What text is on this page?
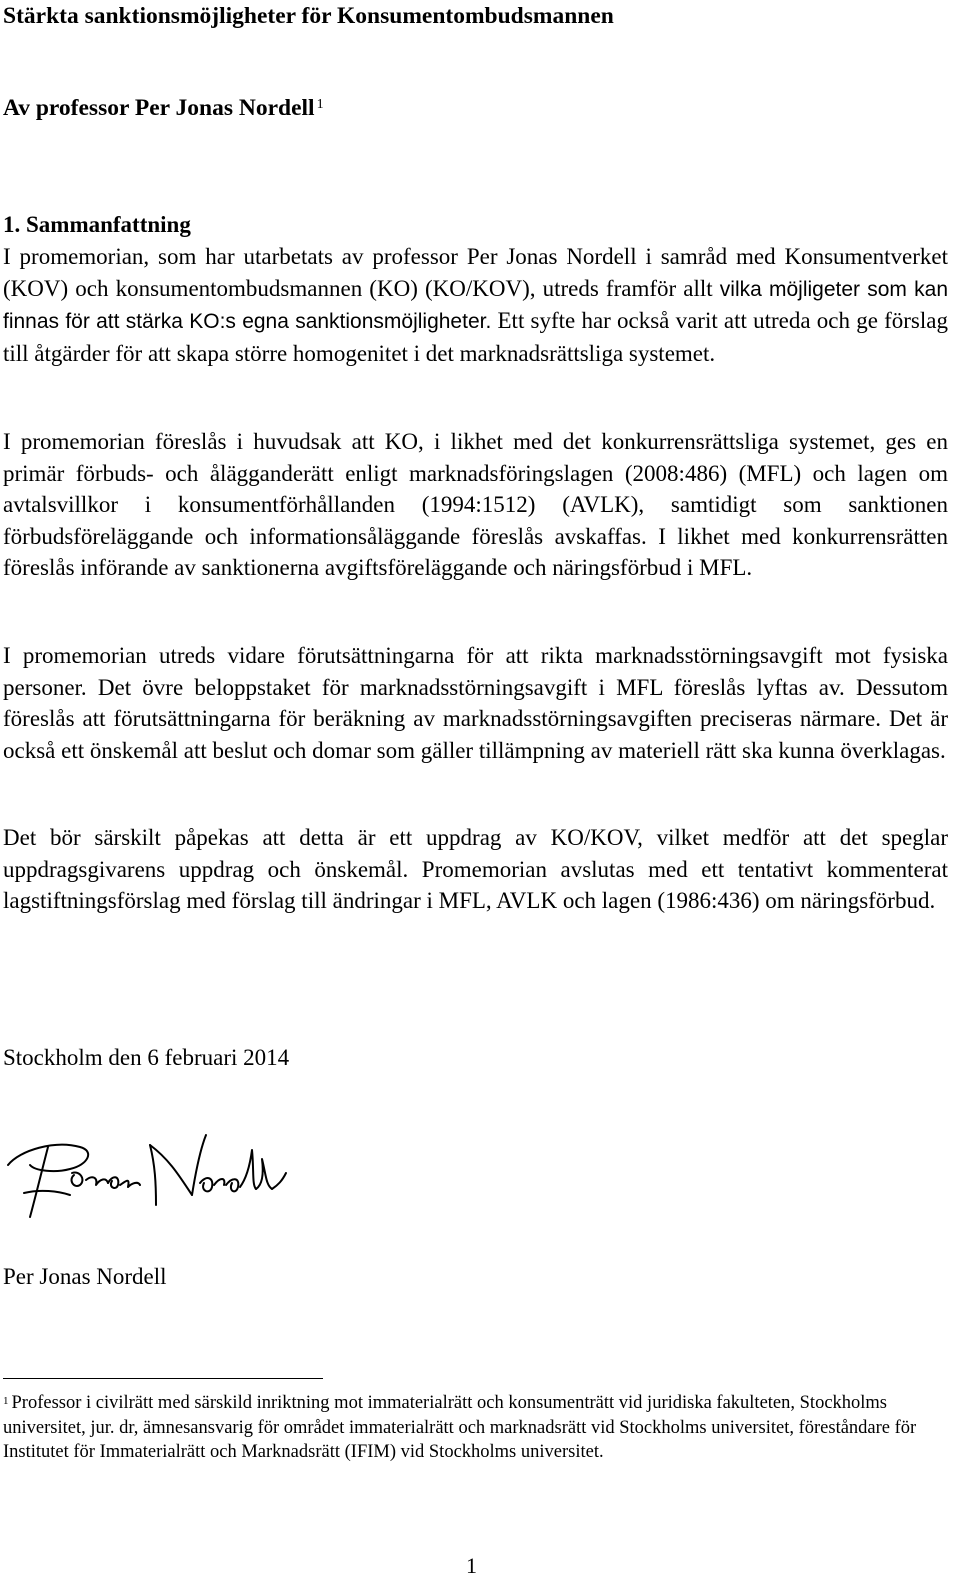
Stärkta sanktionsmöjligheter för Konsumentombudsmannen
Av professor Per Jonas Nordell $^1$
1. Sammanfattning

I promemorian, som har utarbetats av professor Per Jonas Nordell i samråd med Konsumentverket (KOV) och konsumentombudsmannen (KO) (KO/KOV), utreds framför allt vilka möjligeter som kan finnas för att stärka KO:s egna sanktionsmöjligheter. Ett syfte har också varit att utreda och ge förslag till åtgärder för att skapa större homogenitet i det marknadsrättsliga systemet.

I promemorian föreslås i huvudsak att KO, i likhet med det konkurrensrättsliga systemet, ges en primär förbuds- och ålägganderätt enligt marknadsföringslagen (2008:486) (MFL) och lagen om avtalsvillkor i konsumentförhållanden (1994:1512) (AVLK), samtidigt som sanktionen förbudsföreläggande och informationsåläggande föreslås avskaffas. I likhet med konkurrensrätten föreslås införande av sanktionerna avgiftsföreläggande och näringsförbud i MFL.

I promemorian utreds vidare förutsättningarna för att rikta marknadsstörningsavgift mot fysiska personer. Det övre beloppstaket för marknadsstörningsavgift i MFL föreslås lyftas av. Dessutom föreslås att förutsättningarna för beräkning av marknadsstörningsavgiften preciseras närmare. Det är också ett önskemål att beslut och domar som gäller tillämpning av materiell rätt ska kunna överklagas.

Det bör särskilt påpekas att detta är ett uppdrag av KO/KOV, vilket medför att det speglar uppdragsgivarens uppdrag och önskemål. Promemorian avslutas med ett tentativt kommenterat lagstiftningsförslag med förslag till ändringar i MFL, AVLK och lagen (1986:436) om näringsförbud.

Stockholm den 6 februari 2014
Per Jonas Nordell

$^1$ Professor i civilrätt med särskild inriktning mot immaterialrätt och konsumenträtt vid juridiska fakulteten, Stockholms universitet, jur. dr, ämnesansvarig för området immaterialrätt och marknadsrätt vid Stockholms universitet, föreståndare för Institutet för Immaterialrätt och Marknadsrätt (IFIM) vid Stockholms universitet.

1
